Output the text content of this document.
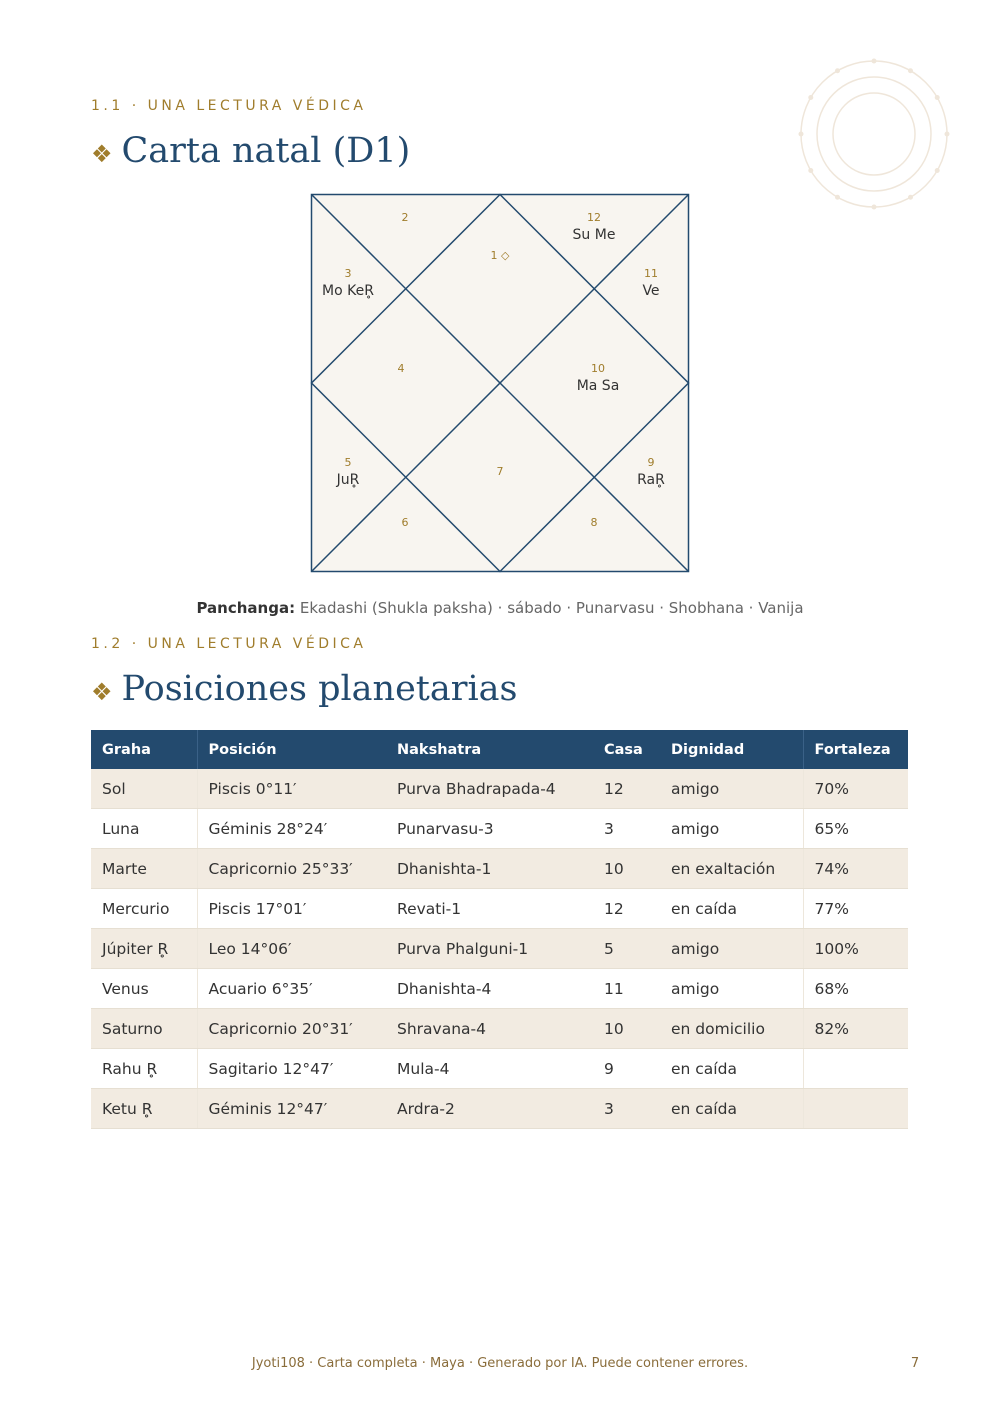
1.1 · UNA LECTURA VÉDICA
❖ Carta natal (D1)
1 ◇
2
3
Mo KeR̥
4
5
JuR̥
6
7
8
9
RaR̥
10
Ma Sa
11
Ve
12
Su Me
Panchanga: Ekadashi (Shukla paksha) · sábado · Punarvasu · Shobhana · Vanija
1.2 · UNA LECTURA VÉDICA
❖ Posiciones planetarias
Graha	Posición	Nakshatra	Casa	Dignidad	Fortaleza
Sol	Piscis 0°11′	Purva Bhadrapada-4	12	amigo	70%
Luna	Géminis 28°24′	Punarvasu-3	3	amigo	65%
Marte	Capricornio 25°33′	Dhanishta-1	10	en exaltación	74%
Mercurio	Piscis 17°01′	Revati-1	12	en caída	77%
Júpiter R̥	Leo 14°06′	Purva Phalguni-1	5	amigo	100%
Venus	Acuario 6°35′	Dhanishta-4	11	amigo	68%
Saturno	Capricornio 20°31′	Shravana-4	10	en domicilio	82%
Rahu R̥	Sagitario 12°47′	Mula-4	9	en caída	
Ketu R̥	Géminis 12°47′	Ardra-2	3	en caída	
Jyoti108 · Carta completa · Maya · Generado por IA. Puede contener errores.	7
